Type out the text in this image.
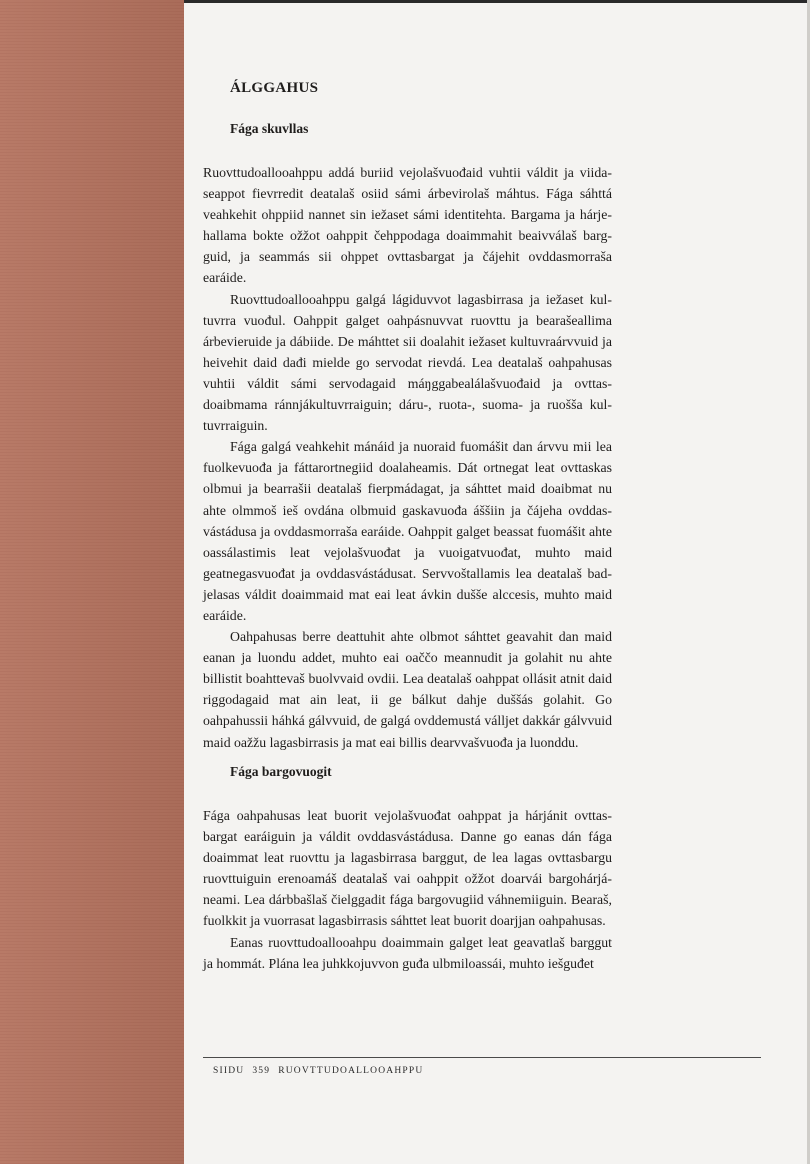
ÁLGGAHUS
Fága skuvllas

Ruovttudoallooahppu addá buriid vejolašvuođaid vuhtii váldit ja viidaseappot fievrredit deatalaš osiid sámi árbevirolaš máhtus. Fága sáhttá veahkehit ohppiid nannet sin iežaset sámi identitehta. Bargama ja hárjehallama bokte ožžot oahppit čehppodaga doaimmahit beaivválaš bargguid, ja seammás sii ohppet ovttasbargat ja čájehit ovddasmorraša earáide.

Ruovttudoallooahppu galgá lágiduvvot lagasbirrasa ja iežaset kultuvrra vuođul. Oahppit galget oahpásnuvvat ruovttu ja bearašeallima árbevieruide ja dábiide. De máhttet sii doalahit iežaset kultuvraárvvuid ja heivehit daid dađi mielde go servodat rievdá. Lea deatalaš oahpahusas vuhtii váldit sámi servodagaid máŋggabealálašvuođaid ja ovttasdoaibmama ránnjákultuvrraiguin; dáru-, ruota-, suoma- ja ruošša kultuvrraiguin.

Fága galgá veahkehit mánáid ja nuoraid fuomášit dan árvvu mii lea fuolkevuođa ja fáttarortnegiid doalaheamis. Dát ortnegat leat ovttaskas olbmui ja bearrašii deatalaš fierpmádagat, ja sáhttet maid doaibmat nu ahte olmmoš ieš ovdána olbmuid gaskavuođa áššiin ja čájeha ovddasvástádusa ja ovddasmorraša earáide. Oahppit galget beassat fuomášit ahte oassálastimis leat vejolašvuođat ja vuoigatvuođat, muhto maid geatnegasvuođat ja ovddasvástádusat. Servvoštallamis lea deatalaš badjelasas váldit doaimmaid mat eai leat ávkin dušše alccesis, muhto maid earáide.

Oahpahusas berre deattuhit ahte olbmot sáhttet geavahit dan maid eanan ja luondu addet, muhto eai oaččo meannudit ja golahit nu ahte billistit boahttevaš buolvvaid ovdii. Lea deatalaš oahppat ollásit atnit daid riggodagaid mat ain leat, ii ge bálkut dahje duššás golahit. Go oahpahussii háhká gálvvuid, de galgá ovddemustá válljet dakkár gálvvuid maid oažžu lagasbirrasis ja mat eai billis dearvvašvuođa ja luonddu.

Fága bargovuogit

Fága oahpahusas leat buorit vejolašvuođat oahppat ja hárjánit ovttasbargat earáiguin ja váldit ovddasvástádusa. Danne go eanas dán fága doaimmat leat ruovttu ja lagasbirrasa barggut, de lea lagas ovttasbargu ruovttuiguin erenoamáš deatalaš vai oahppit ožžot doarvái bargohárjáneami. Lea dárbbašlaš čielggadit fága bargovugiid váhnemiiguin. Bearaš, fuolkkit ja vuorrasat lagasbirrasis sáhttet leat buorit doarjjan oahpahusas.

Eanas ruovttudoallooahpu doaimmain galget leat geavatlaš barggut ja hommát. Plána lea juhkkojuvvon guđa ulbmiloassái, muhto iešguđet

SIIDU 359 RUOVTTUDOALLOOAHPPU
